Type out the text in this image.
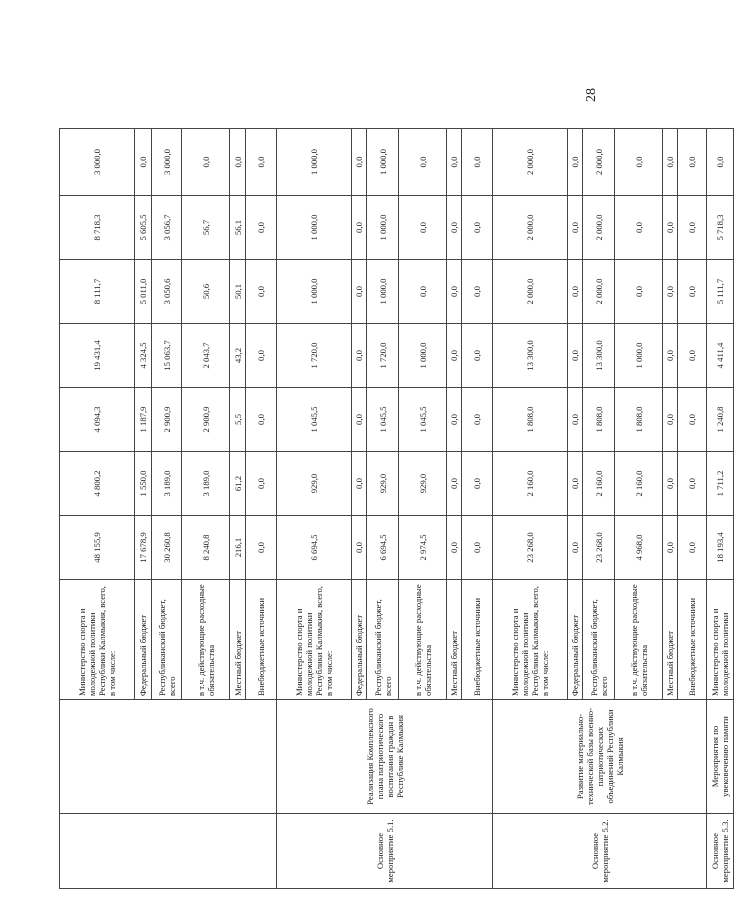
		Министерство спорта и молодежной политики Республики Калмыкия, всего, в том числе:	48 155,9	4 800,2	4 094,3	19 431,4	8 111,7	8 718,3	3 000,0
		Федеральный бюджет	17 678,9	1 550,0	1 187,9	4 324,5	5 011,0	5 605,5	0,0
		Республиканский бюджет, всего	30 260,8	3 189,0	2 900,9	15 063,7	3 050,6	3 056,7	3 000,0
		в т.ч. действующие расходные обязательства	8 240,8	3 189,0	2 900,9	2 043,7	50,6	56,7	0,0
		Местный бюджет	216,1	61,2	5,5	43,2	50,1	56,1	0,0
		Внебюджетные источники	0,0	0,0	0,0	0,0	0,0	0,0	0,0
Основное мероприятие 5.1.	Реализация Комплексного плана патриотического воспитания граждан в Республике Калмыкия	Министерство спорта и молодежной политики Республики Калмыкия, всего, в том числе:	6 694,5	929,0	1 045,5	1 720,0	1 000,0	1 000,0	1 000,0
		Федеральный бюджет	0,0	0,0	0,0	0,0	0,0	0,0	0,0
		Республиканский бюджет, всего	6 694,5	929,0	1 045,5	1 720,0	1 000,0	1 000,0	1 000,0
		в т.ч. действующие расходные обязательства	2 974,5	929,0	1 045,5	1 000,0	0,0	0,0	0,0
		Местный бюджет	0,0	0,0	0,0	0,0	0,0	0,0	0,0
		Внебюджетные источники	0,0	0,0	0,0	0,0	0,0	0,0	0,0
Основное мероприятие 5.2.	Развитие материально-технической базы военно-патриотических объединений Республики Калмыкия	Министерство спорта и молодежной политики Республики Калмыкия, всего, в том числе:	23 268,0	2 160,0	1 808,0	13 300,0	2 000,0	2 000,0	2 000,0
		Федеральный бюджет	0,0	0,0	0,0	0,0	0,0	0,0	0,0
		Республиканский бюджет, всего	23 268,0	2 160,0	1 808,0	13 300,0	2 000,0	2 000,0	2 000,0
		в т.ч. действующие расходные обязательства	4 968,0	2 160,0	1 808,0	1 000,0	0,0	0,0	0,0
		Местный бюджет	0,0	0,0	0,0	0,0	0,0	0,0	0,0
		Внебюджетные источники	0,0	0,0	0,0	0,0	0,0	0,0	0,0
Основное мероприятие 5.3.	Мероприятия по увековечению памяти	Министерство спорта и молодежной политики	18 193,4	1 711,2	1 240,8	4 411,4	5 111,7	5 718,3	0,0
28
